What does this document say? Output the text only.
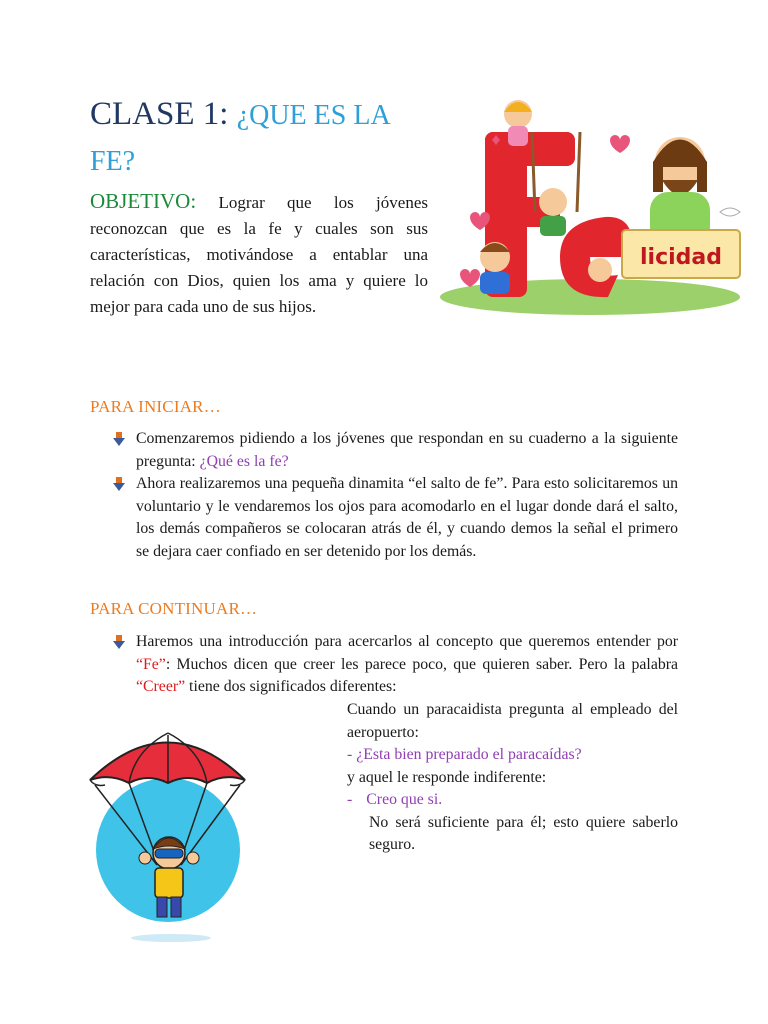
CLASE 1: ¿QUE ES LA FE?
OBJETIVO: Lograr que los jóvenes reconozcan que es la fe y cuales son sus características, motivándose a entablar una relación con Dios, quien los ama y quiere lo mejor para cada uno de sus hijos.
licidad
PARA INICIAR…
Comenzaremos pidiendo a los jóvenes que respondan en su cuaderno a la siguiente pregunta: ¿Qué es la fe?
Ahora realizaremos una pequeña dinamita “el salto de fe”. Para esto solicitaremos un voluntario y le vendaremos los ojos para acomodarlo en el lugar donde dará el salto, los demás compañeros se colocaran atrás de él, y cuando demos la señal el primero se dejara caer confiado en ser detenido por los demás.
PARA CONTINUAR…
Haremos una introducción para acercarlos al concepto que queremos entender por “Fe”: Muchos dicen que creer les parece poco, que quieren saber. Pero la palabra “Creer” tiene dos significados diferentes:

Cuando un paracaidista pregunta al empleado del aeropuerto:

- ¿Esta bien preparado el paracaídas?

y aquel le responde indiferente:

- Creo que si.

No será suficiente para él; esto quiere saberlo seguro.
